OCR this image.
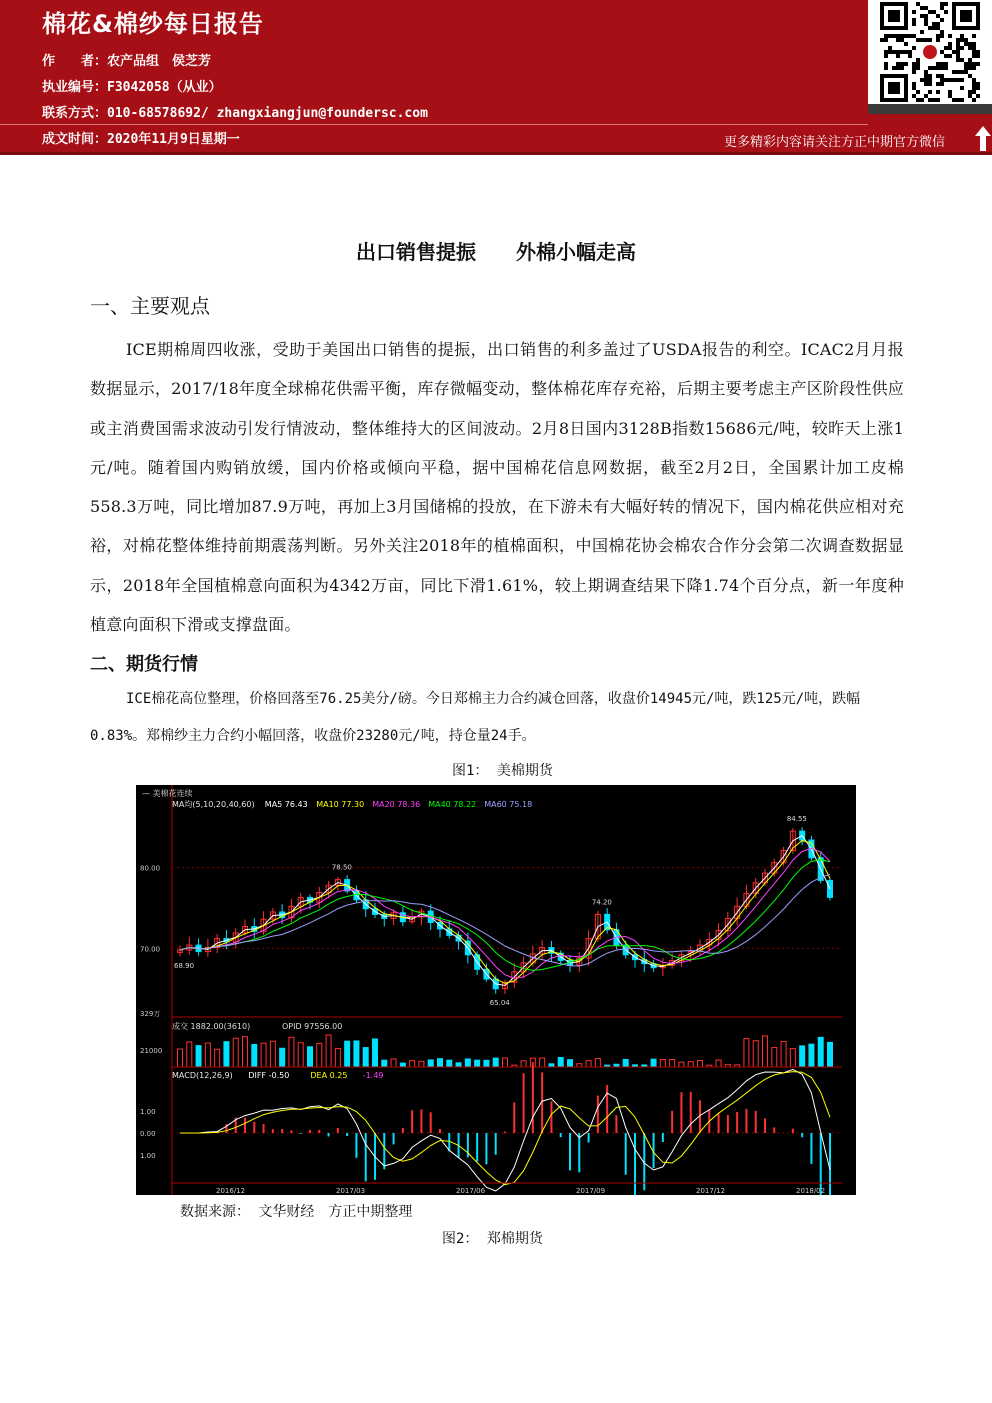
棉花&棉纱每日报告
作　　者：农产品组　侯芝芳
执业编号：F3042058（从业）
联系方式：010-68578692/ zhangxiangjun@foundersc.com
成文时间：2020年11月9日星期一	更多精彩内容请关注方正中期官方微信
出口销售提振　　外棉小幅走高
一、主要观点
ICE期棉周四收涨，受助于美国出口销售的提振，出口销售的利多盖过了USDA报告的利空。ICAC2月月报数据显示，2017/18年度全球棉花供需平衡，库存微幅变动，整体棉花库存充裕，后期主要考虑主产区阶段性供应或主消费国需求波动引发行情波动，整体维持大的区间波动。2月8日国内3128B指数15686元/吨，较昨天上涨1元/吨。随着国内购销放缓，国内价格或倾向平稳，据中国棉花信息网数据，截至2月2日，全国累计加工皮棉558.3万吨，同比增加87.9万吨，再加上3月国储棉的投放，在下游未有大幅好转的情况下，国内棉花供应相对充裕，对棉花整体维持前期震荡判断。另外关注2018年的植棉面积，中国棉花协会棉农合作分会第二次调查数据显示，2018年全国植棉意向面积为4342万亩，同比下滑1.61%，较上期调查结果下降1.74个百分点，新一年度种植意向面积下滑或支撑盘面。
二、期货行情
ICE棉花高位整理，价格回落至76.25美分/磅。今日郑棉主力合约减仓回落，收盘价14945元/吨，跌125元/吨，跌幅0.83%。郑棉纱主力合约小幅回落，收盘价23280元/吨，持仓量24手。
图1： 美棉期货
— 美棉花连续
MA均(5,10,20,40,60) MA5 76.43 MA10 77.30 MA20 78.36 MA40 78.22 MA60 75.18
80.00
70.00
78.50
74.20
84.55
68.90
65.04
329万
成交 1882.00(3610)	OPID 97556.00
21000
MACD(12,26,9) DIFF -0.50	DEA 0.25 -1.49
1.00
0.00
1.00
2016/12	2017/03	2017/06	2017/09	2017/12	2018/02
数据来源： 文华财经　方正中期整理
图2： 郑棉期货
